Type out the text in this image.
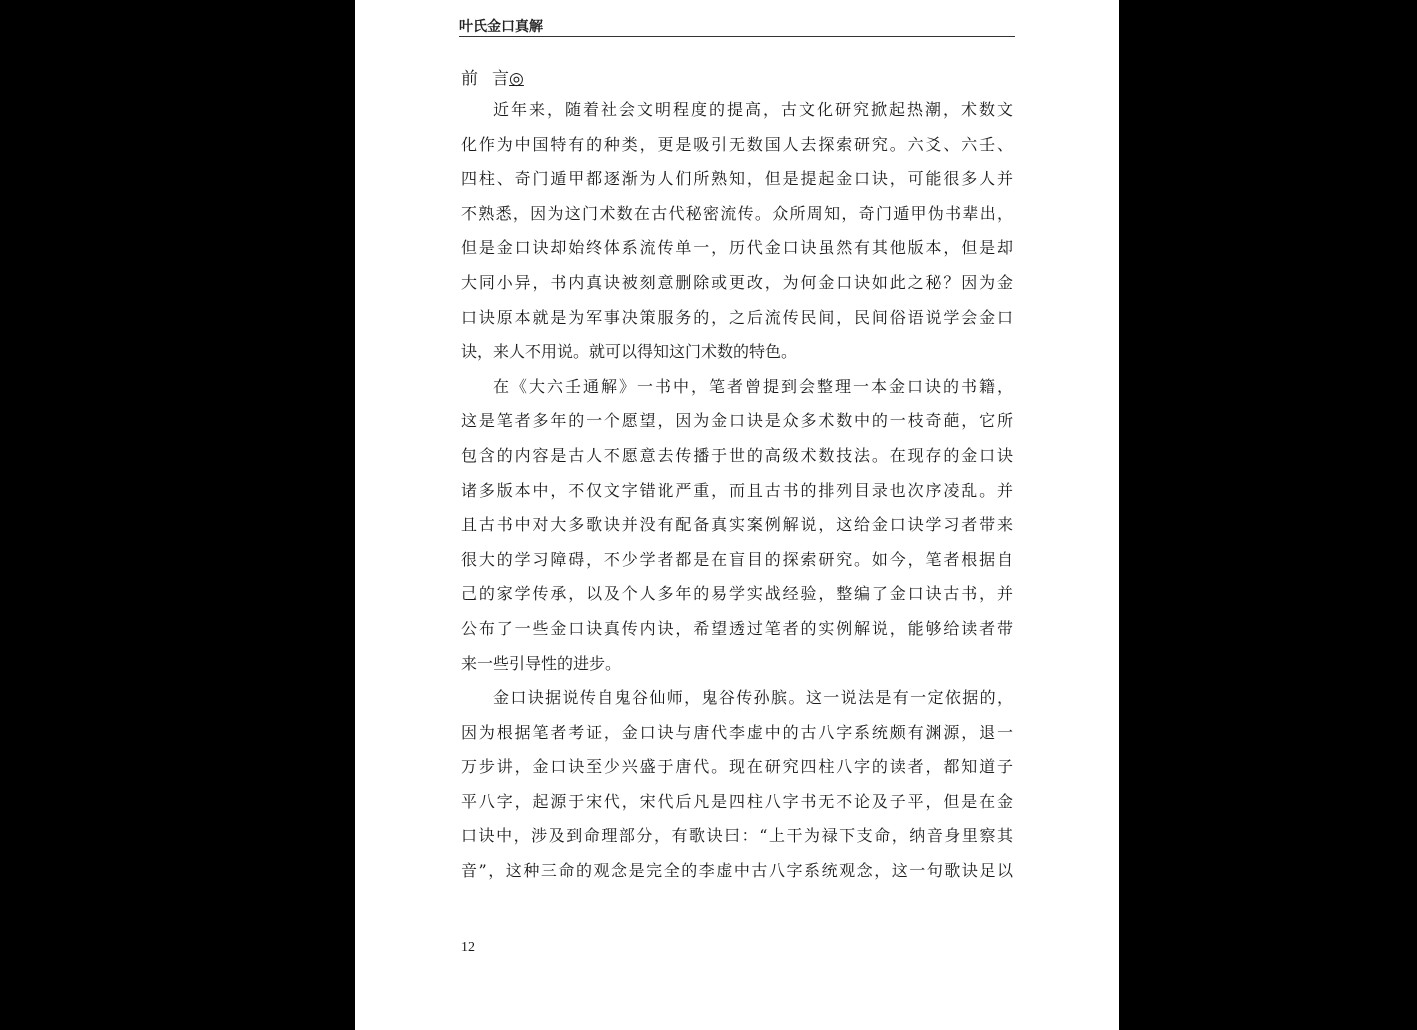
叶氏金口真解
前 言◎
近年来，随着社会文明程度的提高，古文化研究掀起热潮，术数文
化作为中国特有的种类，更是吸引无数国人去探索研究。六爻、六壬、
四柱、奇门遁甲都逐渐为人们所熟知，但是提起金口诀，可能很多人并
不熟悉，因为这门术数在古代秘密流传。众所周知，奇门遁甲伪书辈出，
但是金口诀却始终体系流传单一，历代金口诀虽然有其他版本，但是却
大同小异，书内真诀被刻意删除或更改，为何金口诀如此之秘？因为金
口诀原本就是为军事决策服务的，之后流传民间，民间俗语说学会金口
诀，来人不用说。就可以得知这门术数的特色。
在《大六壬通解》一书中，笔者曾提到会整理一本金口诀的书籍，
这是笔者多年的一个愿望，因为金口诀是众多术数中的一枝奇葩，它所
包含的内容是古人不愿意去传播于世的高级术数技法。在现存的金口诀
诸多版本中，不仅文字错讹严重，而且古书的排列目录也次序凌乱。并
且古书中对大多歌诀并没有配备真实案例解说，这给金口诀学习者带来
很大的学习障碍，不少学者都是在盲目的探索研究。如今，笔者根据自
己的家学传承，以及个人多年的易学实战经验，整编了金口诀古书，并
公布了一些金口诀真传内诀，希望透过笔者的实例解说，能够给读者带
来一些引导性的进步。
金口诀据说传自鬼谷仙师，鬼谷传孙膑。这一说法是有一定依据的，
因为根据笔者考证，金口诀与唐代李虚中的古八字系统颇有渊源，退一
万步讲，金口诀至少兴盛于唐代。现在研究四柱八字的读者，都知道子
平八字，起源于宋代，宋代后凡是四柱八字书无不论及子平，但是在金
口诀中，涉及到命理部分，有歌诀曰：“上干为禄下支命，纳音身里察其
音”，这种三命的观念是完全的李虚中古八字系统观念，这一句歌诀足以
12
